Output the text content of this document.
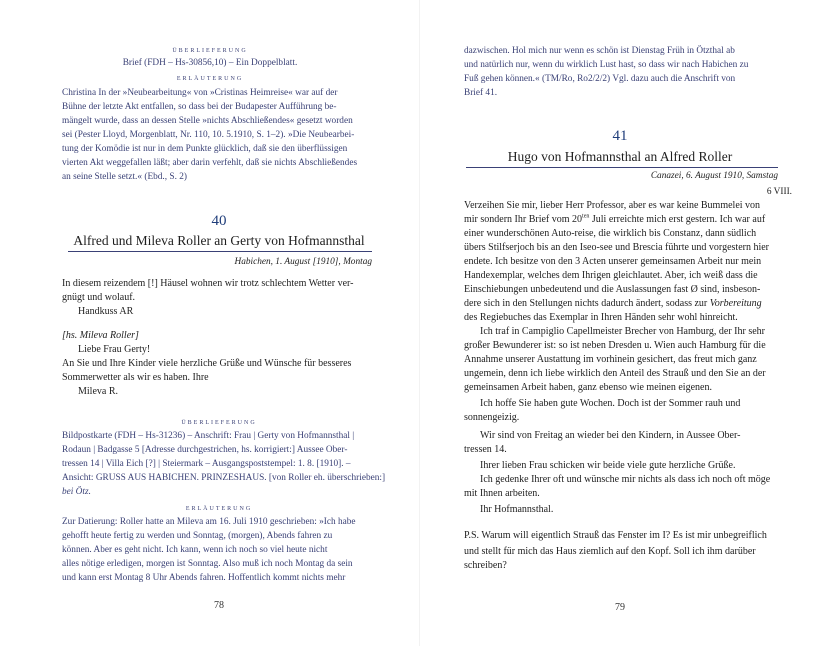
überlieferung
Brief (FDH – Hs-30856,10) – Ein Doppelblatt.
erläuterung
Christina In der »Neubearbeitung« von »Cristinas Heimreise« war auf der
Bühne der letzte Akt entfallen, so dass bei der Budapester Aufführung be-
mängelt wurde, dass an dessen Stelle »nichts Abschließendes« gesetzt worden
sei (Pester Lloyd, Morgenblatt, Nr. 110, 10. 5.1910, S. 1–2). »Die Neubearbei-
tung der Komödie ist nur in dem Punkte glücklich, daß sie den überflüssigen
vierten Akt weggefallen läßt; aber darin verfehlt, daß sie nichts Abschließendes
an seine Stelle setzt.« (Ebd., S. 2)
40
Alfred und Mileva Roller an Gerty von Hofmannsthal
Habichen, 1. August [1910], Montag
In diesem reizendem [!] Häusel wohnen wir trotz schlechtem Wetter ver-
gnügt und wolauf.
Handkuss AR
[hs. Mileva Roller]
Liebe Frau Gerty!
An Sie und Ihre Kinder viele herzliche Grüße und Wünsche für besseres
Sommerwetter als wir es haben. Ihre
Mileva R.
überlieferung
Bildpostkarte (FDH – Hs-31236) – Anschrift: Frau | Gerty von Hofmannsthal |
Rodaun | Badgasse 5 [Adresse durchgestrichen, hs. korrigiert:] Aussee Ober-
tressen 14 | Villa Eich [?] | Steiermark – Ausgangspoststempel: 1. 8. [1910]. –
Ansicht: GRUSS AUS HABICHEN. PRINZESHAUS. [von Roller eh. überschrieben:]
bei Ötz.
erläuterung
Zur Datierung: Roller hatte an Mileva am 16. Juli 1910 geschrieben: »Ich habe
gehofft heute fertig zu werden und Sonntag, (morgen), Abends fahren zu
können. Aber es geht nicht. Ich kann, wenn ich noch so viel heute nicht
alles nötige erledigen, morgen ist Sonntag. Also muß ich noch Montag da sein
und kann erst Montag 8 Uhr Abends fahren. Hoffentlich kommt nichts mehr
78
dazwischen. Hol mich nur wenn es schön ist Dienstag Früh in Ötzthal ab
und natürlich nur, wenn du wirklich Lust hast, so dass wir nach Habichen zu
Fuß gehen können.« (TM/Ro, Ro2/2/2) Vgl. dazu auch die Anschrift von
Brief 41.
41
Hugo von Hofmannsthal an Alfred Roller
Canazei, 6. August 1910, Samstag
6 VIII.
Verzeihen Sie mir, lieber Herr Professor, aber es war keine Bummelei von
mir sondern Ihr Brief vom $20^{ten}$ Juli erreichte mich erst gestern. Ich war auf
einer wunderschönen Auto-reise, die wirklich bis Constanz, dann südlich
übers Stilfserjoch bis an den Iseo-see und Brescia führte und vorgestern hier
endete. Ich besitze von den 3 Acten unserer gemeinsamen Arbeit nur mein
Handexemplar, welches dem Ihrigen gleichlautet. Aber, ich weiß dass die
Einschiebungen unbedeutend und die Auslassungen fast Ø sind, insbeson-
dere sich in den Stellungen nichts dadurch ändert, sodass zur Vorbereitung
des Regiebuches das Exemplar in Ihren Händen sehr wohl hinreicht.
Ich traf in Campiglio Capellmeister Brecher von Hamburg, der Ihr sehr
großer Bewunderer ist: so ist neben Dresden u. Wien auch Hamburg für die
Annahme unserer Austattung im vorhinein gesichert, das freut mich ganz
ungemein, denn ich liebe wirklich den Anteil des Strauß und den Sie an der
gemeinsamen Arbeit haben, ganz ebenso wie meinen eigenen.
Ich hoffe Sie haben gute Wochen. Doch ist der Sommer rauh und
sonnengeizig.
Wir sind von Freitag an wieder bei den Kindern, in Aussee Ober-
tressen 14.
Ihrer lieben Frau schicken wir beide viele gute herzliche Grüße.
Ich gedenke Ihrer oft und wünsche mir nichts als dass ich noch oft möge
mit Ihnen arbeiten.
Ihr Hofmannsthal.
P.S. Warum will eigentlich Strauß das Fenster im I? Es ist mir unbegreiflich
und stellt für mich das Haus ziemlich auf den Kopf. Soll ich ihm darüber
schreiben?
79
